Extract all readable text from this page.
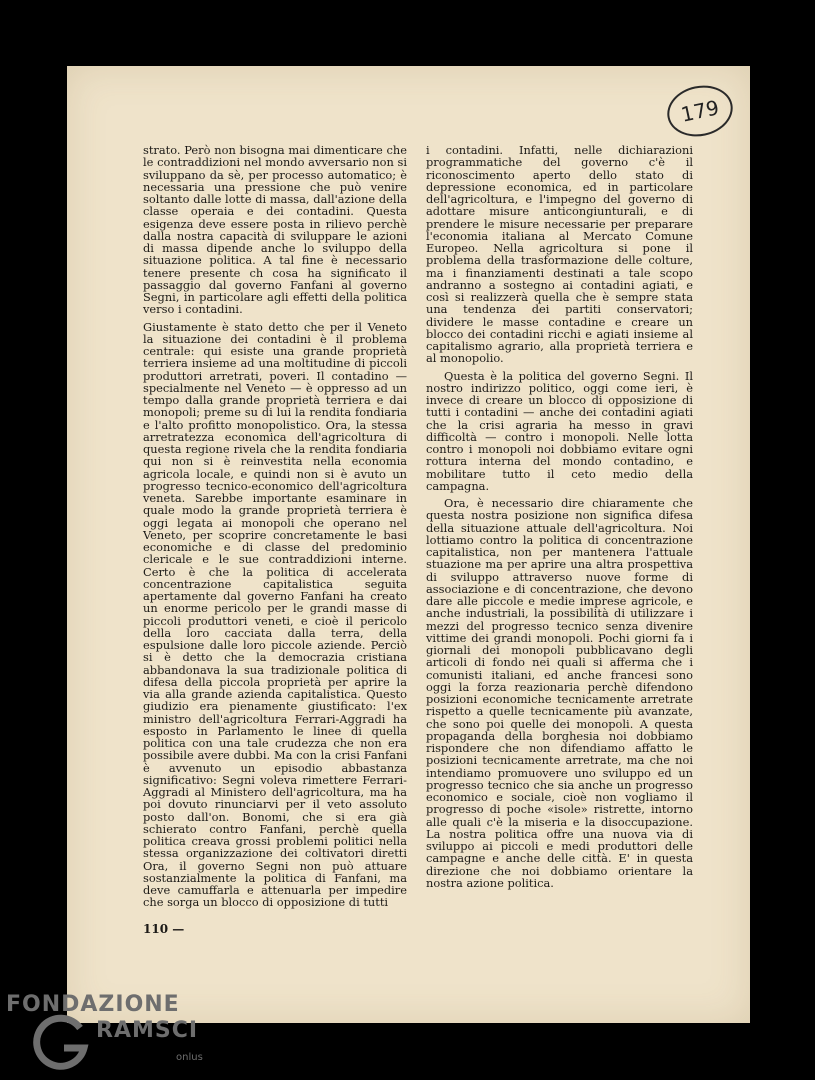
179

strato. Però non bisogna mai dimenticare che le contraddizioni nel mondo avversario non si sviluppano da sè, per processo automatico; è necessaria una pressione che può venire soltanto dalle lotte di massa, dall'azione della classe operaia e dei contadini. Questa esigenza deve essere posta in rilievo perchè dalla nostra capacità di sviluppare le azioni di massa dipende anche lo sviluppo della situazione politica. A tal fine è necessario tenere presente ch cosa ha significato il passaggio dal governo Fanfani al governo Segni, in particolare agli effetti della politica verso i contadini.

Giustamente è stato detto che per il Veneto la situazione dei contadini è il problema centrale: qui esiste una grande proprietà terriera insieme ad una moltitudine di piccoli produttori arretrati, poveri. Il contadino — specialmente nel Veneto — è oppresso ad un tempo dalla grande proprietà terriera e dai monopoli; preme su di lui la rendita fondiaria e l'alto profitto monopolistico. Ora, la stessa arretratezza economica dell'agricoltura di questa regione rivela che la rendita fondiaria qui non si è reinvestita nella economia agricola locale, e quindi non si è avuto un progresso tecnico-economico dell'agricoltura veneta. Sarebbe importante esaminare in quale modo la grande proprietà terriera è oggi legata ai monopoli che operano nel Veneto, per scoprire concretamente le basi economiche e di classe del predominio clericale e le sue contraddizioni interne. Certo è che la politica di accelerata concentrazione capitalistica seguita apertamente dal governo Fanfani ha creato un enorme pericolo per le grandi masse di piccoli produttori veneti, e cioè il pericolo della loro cacciata dalla terra, della espulsione dalle loro piccole aziende. Perciò si è detto che la democrazia cristiana abbandonava la sua tradizionale politica di difesa della piccola proprietà per aprire la via alla grande azienda capitalistica. Questo giudizio era pienamente giustificato: l'ex ministro dell'agricoltura Ferrari-Aggradi ha esposto in Parlamento le linee di quella politica con una tale crudezza che non era possibile avere dubbi. Ma con la crisi Fanfani è avvenuto un episodio abbastanza significativo: Segni voleva rimettere Ferrari-Aggradi al Ministero dell'agricoltura, ma ha poi dovuto rinunciarvi per il veto assoluto posto dall'on. Bonomi, che si era già schierato contro Fanfani, perchè quella politica creava grossi problemi politici nella stessa organizzazione dei coltivatori diretti Ora, il governo Segni non può attuare sostanzialmente la politica di Fanfani, ma deve camuffarla e attenuarla per impedire che sorga un blocco di opposizione di tutti

i contadini. Infatti, nelle dichiarazioni programmatiche del governo c'è il riconoscimento aperto dello stato di depressione economica, ed in particolare dell'agricoltura, e l'impegno del governo di adottare misure anticongiunturali, e di prendere le misure necessarie per preparare l'economia italiana al Mercato Comune Europeo. Nella agricoltura si pone il problema della trasformazione delle colture, ma i finanziamenti destinati a tale scopo andranno a sostegno ai contadini agiati, e così si realizzerà quella che è sempre stata una tendenza dei partiti conservatori; dividere le masse contadine e creare un blocco dei contadini ricchi e agiati insieme al capitalismo agrario, alla proprietà terriera e al monopolio.

Questa è la politica del governo Segni. Il nostro indirizzo politico, oggi come ieri, è invece di creare un blocco di opposizione di tutti i contadini — anche dei contadini agiati che la crisi agraria ha messo in gravi difficoltà — contro i monopoli. Nelle lotta contro i monopoli noi dobbiamo evitare ogni rottura interna del mondo contadino, e mobilitare tutto il ceto medio della campagna.

Ora, è necessario dire chiaramente che questa nostra posizione non significa difesa della situazione attuale dell'agricoltura. Noi lottiamo contro la politica di concentrazione capitalistica, non per mantenera l'attuale stuazione ma per aprire una altra prospettiva di sviluppo attraverso nuove forme di associazione e di concentrazione, che devono dare alle piccole e medie imprese agricole, e anche industriali, la possibilità di utilizzare i mezzi del progresso tecnico senza divenire vittime dei grandi monopoli. Pochi giorni fa i giornali dei monopoli pubblicavano degli articoli di fondo nei quali si afferma che i comunisti italiani, ed anche francesi sono oggi la forza reazionaria perchè difendono posizioni economiche tecnicamente arretrate rispetto a quelle tecnicamente più avanzate, che sono poi quelle dei monopoli. A questa propaganda della borghesia noi dobbiamo rispondere che non difendiamo affatto le posizioni tecnicamente arretrate, ma che noi intendiamo promuovere uno sviluppo ed un progresso tecnico che sia anche un progresso economico e sociale, cioè non vogliamo il progresso di poche «isole» ristrette, intorno alle quali c'è la miseria e la disoccupazione. La nostra politica offre una nuova via di sviluppo ai piccoli e medi produttori delle campagne e anche delle città. E' in questa direzione che noi dobbiamo orientare la nostra azione politica.

110 —
FONDAZIONE
RAMSCI
onlus
